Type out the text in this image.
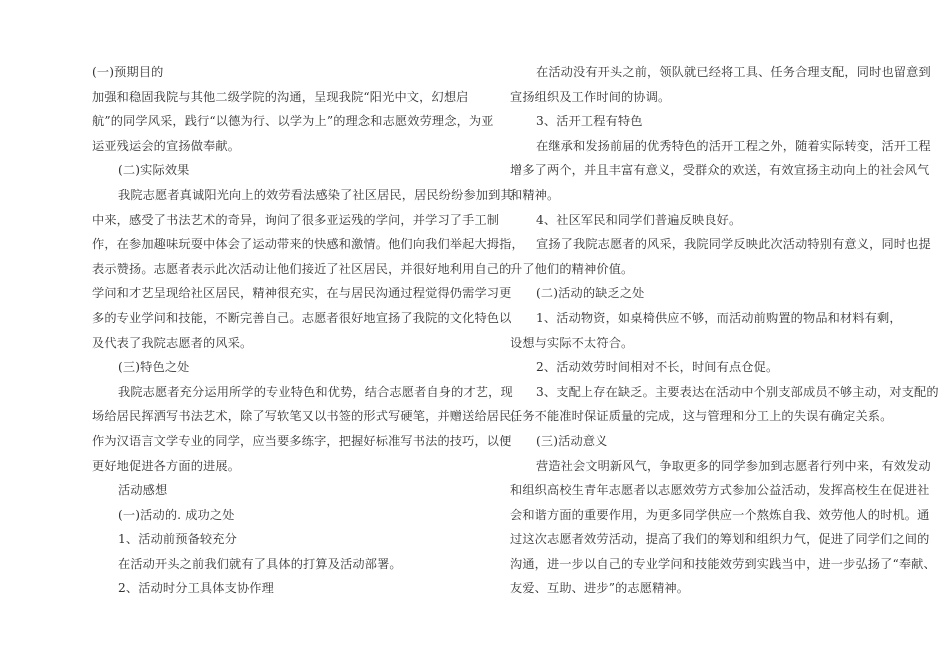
(一)预期目的
加强和稳固我院与其他二级学院的沟通，呈现我院“阳光中文，幻想启
航”的同学风采，践行“以德为行、以学为上”的理念和志愿效劳理念，为亚
运亚残运会的宣扬做奉献。
(二)实际效果
我院志愿者真诚阳光向上的效劳看法感染了社区居民，居民纷纷参加到其
中来，感受了书法艺术的奇异，询问了很多亚运残的学问，并学习了手工制
作，在参加趣味玩耍中体会了运动带来的快感和激情。他们向我们举起大拇指，
表示赞扬。志愿者表示此次活动让他们接近了社区居民，并很好地利用自己的
学问和才艺呈现给社区居民，精神很充实，在与居民沟通过程觉得仍需学习更
多的专业学问和技能，不断完善自己。志愿者很好地宣扬了我院的文化特色以
及代表了我院志愿者的风采。
(三)特色之处
我院志愿者充分运用所学的专业特色和优势，结合志愿者自身的才艺，现
场给居民挥洒写书法艺术，除了写软笔又以书签的形式写硬笔，并赠送给居民。
作为汉语言文学专业的同学，应当要多练字，把握好标准写书法的技巧，以便
更好地促进各方面的进展。
活动感想
(一)活动的. 成功之处
1、活动前预备较充分
在活动开头之前我们就有了具体的打算及活动部署。
2、活动时分工具体支协作理
在活动没有开头之前，领队就已经将工具、任务合理支配，同时也留意到
宣扬组织及工作时间的协调。
3、活开工程有特色
在继承和发扬前届的优秀特色的活开工程之外，随着实际转变，活开工程
增多了两个，并且丰富有意义，受群众的欢送，有效宣扬主动向上的社会风气
和精神。
4、社区军民和同学们普遍反映良好。
宣扬了我院志愿者的风采，我院同学反映此次活动特别有意义，同时也提
升了他们的精神价值。
(二)活动的缺乏之处
1、活动物资，如桌椅供应不够，而活动前购置的物品和材料有剩，
设想与实际不太符合。
2、活动效劳时间相对不长，时间有点仓促。
3、支配上存在缺乏。主要表达在活动中个别支部成员不够主动，对支配的
任务不能准时保证质量的完成，这与管理和分工上的失误有确定关系。
(三)活动意义
营造社会文明新风气，争取更多的同学参加到志愿者行列中来，有效发动
和组织高校生青年志愿者以志愿效劳方式参加公益活动，发挥高校生在促进社
会和谐方面的重要作用，为更多同学供应一个熬炼自我、效劳他人的时机。通
过这次志愿者效劳活动，提高了我们的筹划和组织力气，促进了同学们之间的
沟通，进一步以自己的专业学问和技能效劳到实践当中，进一步弘扬了“奉献、
友爱、互助、进步”的志愿精神。
